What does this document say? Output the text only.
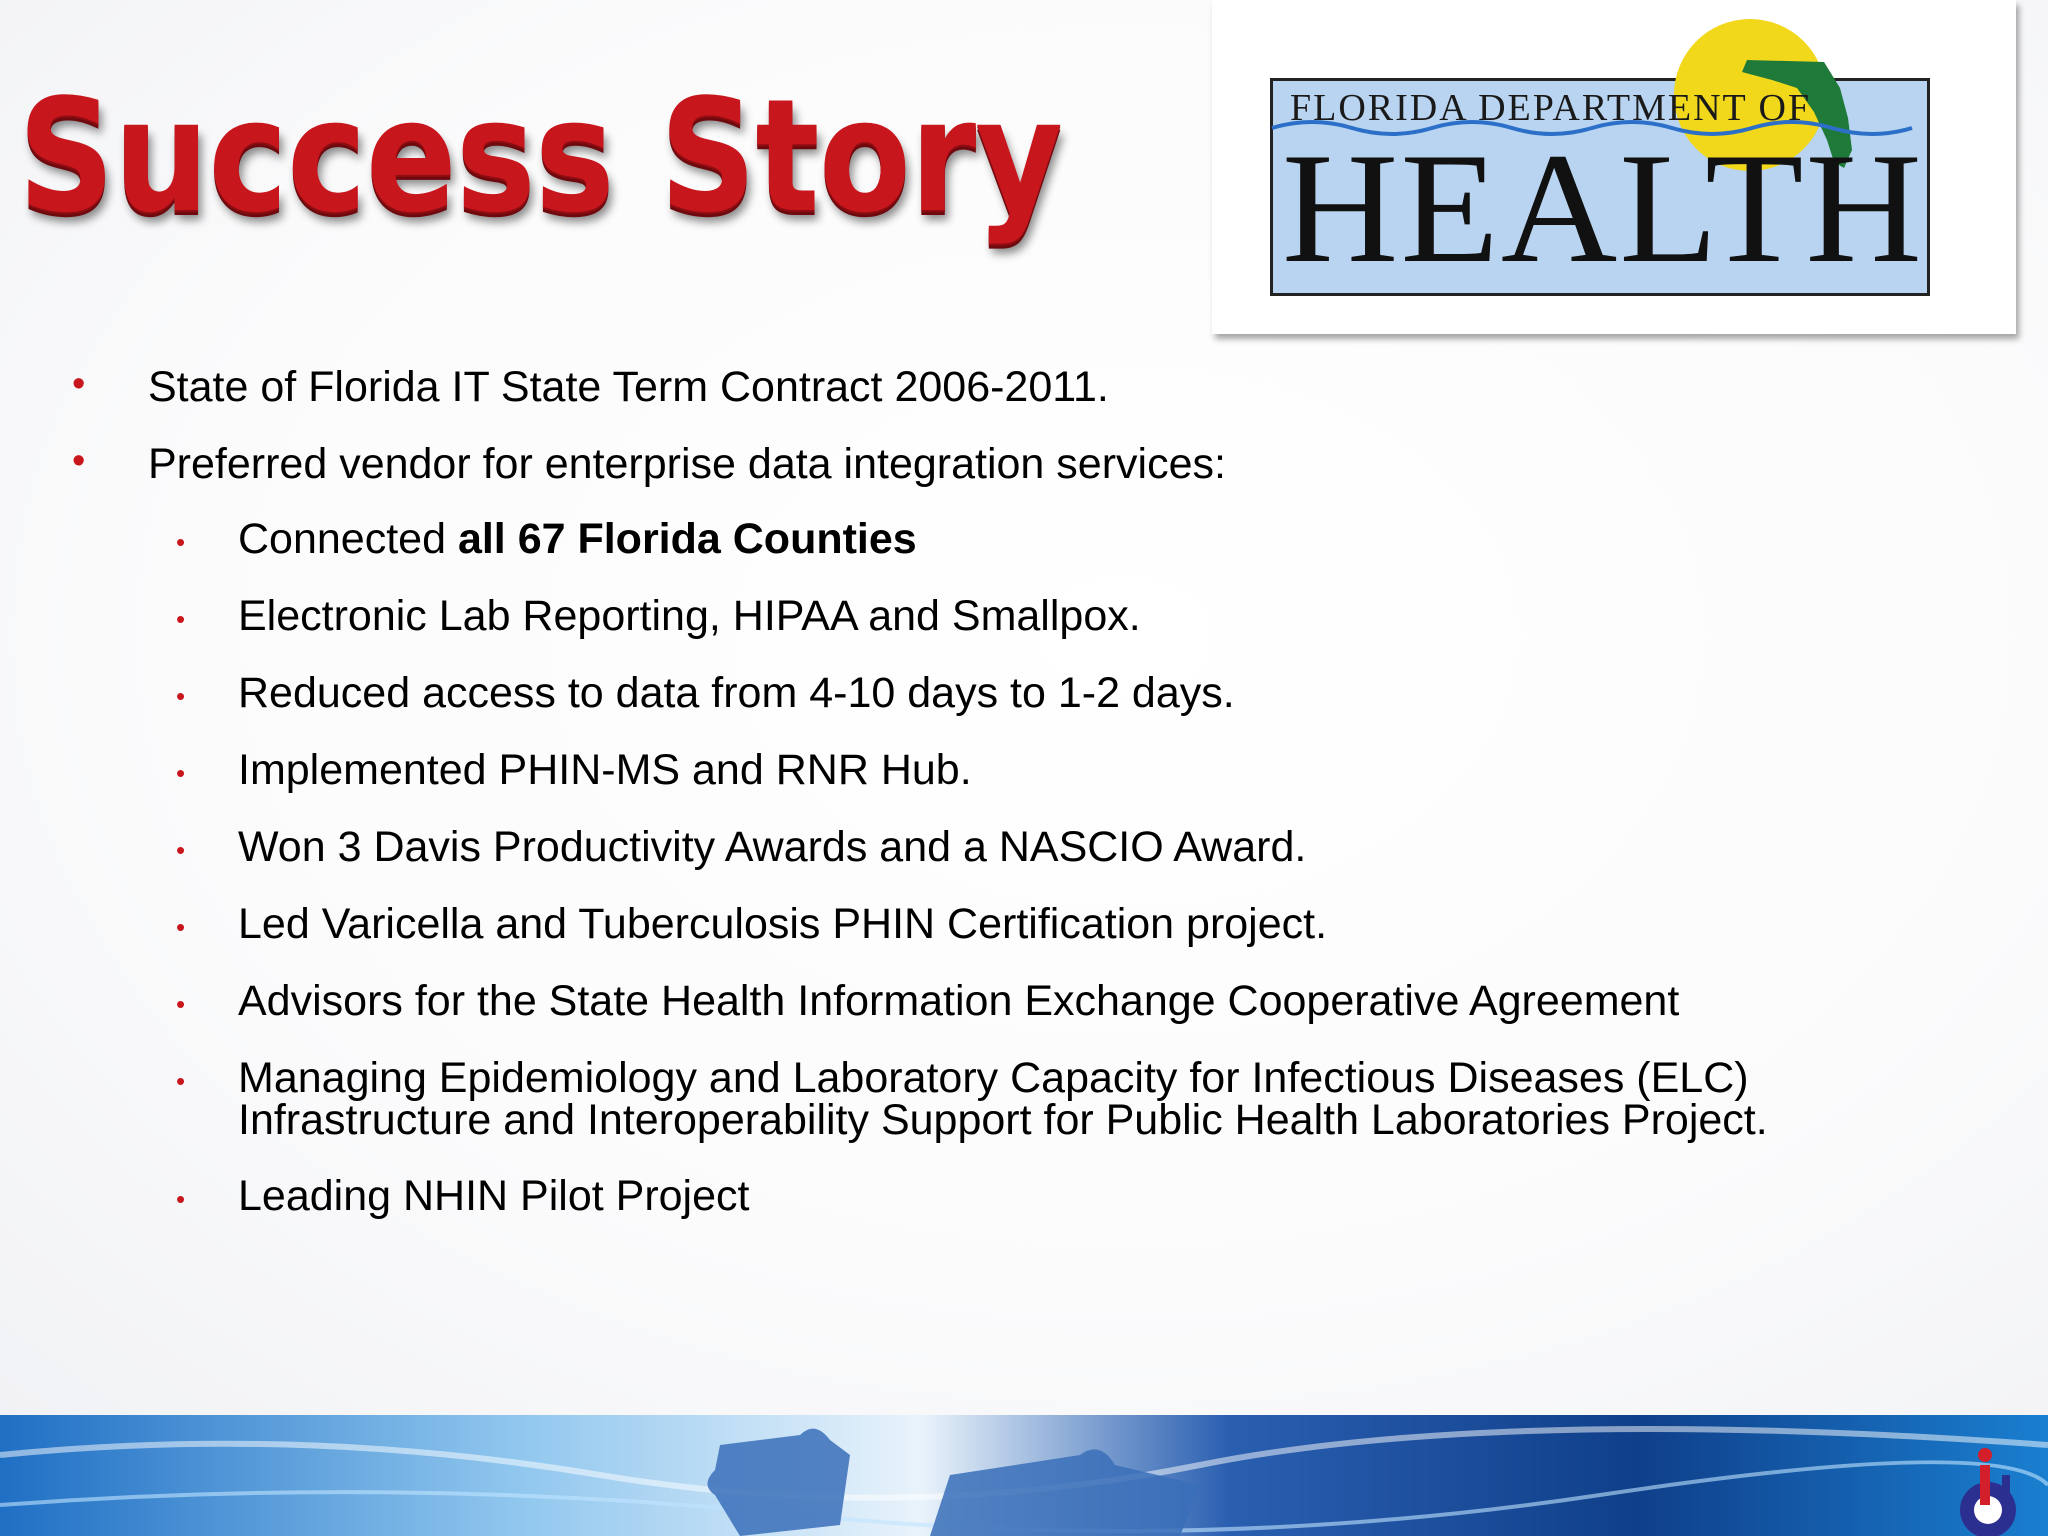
Success Story	FLORIDA DEPARTMENT OF
HEALTH
• State of Florida IT State Term Contract 2006-2011.
• Preferred vendor for enterprise data integration services:
• Connected all 67 Florida Counties
• Electronic Lab Reporting, HIPAA and Smallpox.
• Reduced access to data from 4-10 days to 1-2 days.
• Implemented PHIN-MS and RNR Hub.
• Won 3 Davis Productivity Awards and a NASCIO Award.
• Led Varicella and Tuberculosis PHIN Certification project.
• Advisors for the State Health Information Exchange Cooperative Agreement
• Managing Epidemiology and Laboratory Capacity for Infectious Diseases (ELC)
Infrastructure and Interoperability Support for Public Health Laboratories Project.
• Leading NHIN Pilot Project
